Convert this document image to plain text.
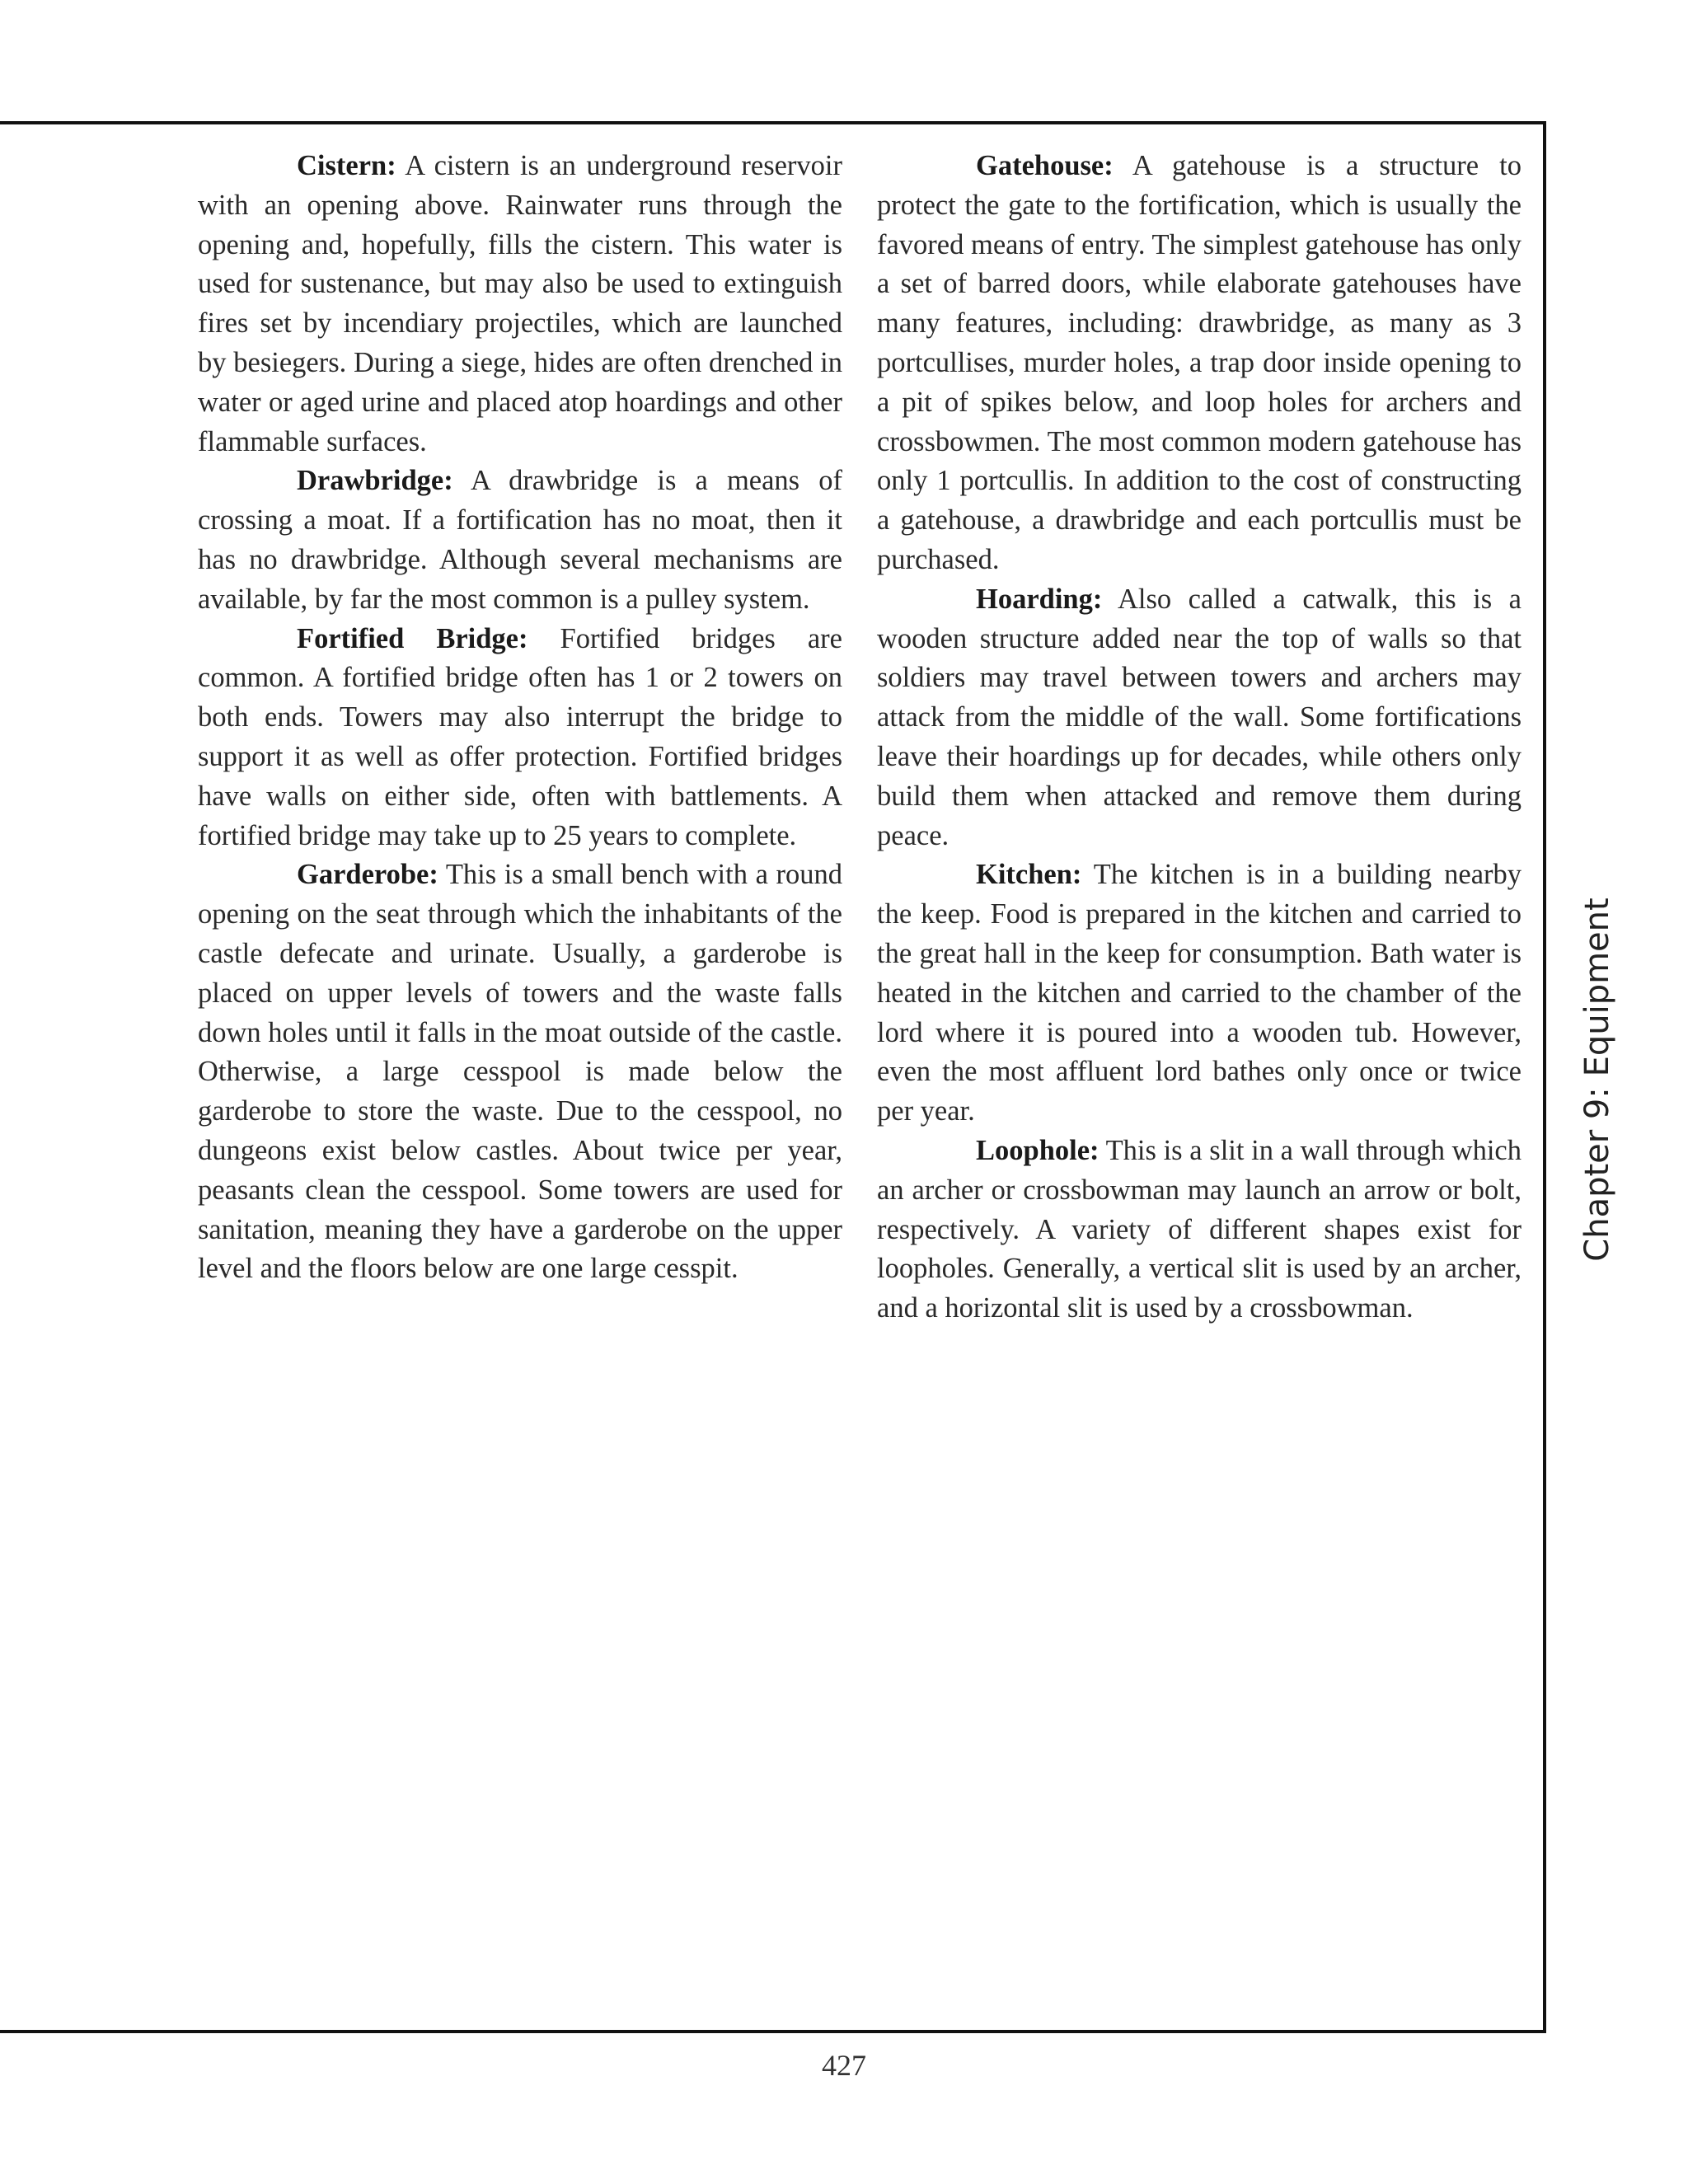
Cistern: A cistern is an underground reservoir with an opening above. Rainwater runs through the opening and, hopefully, fills the cistern. This water is used for sustenance, but may also be used to extinguish fires set by incendiary projectiles, which are launched by besiegers. During a siege, hides are often drenched in water or aged urine and placed atop hoardings and other flammable surfaces.

Drawbridge: A drawbridge is a means of crossing a moat. If a fortification has no moat, then it has no drawbridge. Although several mechanisms are available, by far the most common is a pulley system.

Fortified Bridge: Fortified bridges are common. A fortified bridge often has 1 or 2 towers on both ends. Towers may also interrupt the bridge to support it as well as offer protection. Fortified bridges have walls on either side, often with battlements. A fortified bridge may take up to 25 years to complete.

Garderobe: This is a small bench with a round opening on the seat through which the inhabitants of the castle defecate and urinate. Usually, a garderobe is placed on upper levels of towers and the waste falls down holes until it falls in the moat outside of the castle. Otherwise, a large cesspool is made below the garderobe to store the waste. Due to the cesspool, no dungeons exist below castles. About twice per year, peasants clean the cesspool. Some towers are used for sanitation, meaning they have a garderobe on the upper level and the floors below are one large cesspit.

Gatehouse: A gatehouse is a structure to protect the gate to the fortification, which is usually the favored means of entry. The simplest gatehouse has only a set of barred doors, while elaborate gatehouses have many features, including: drawbridge, as many as 3 portcullises, murder holes, a trap door inside opening to a pit of spikes below, and loop holes for archers and crossbowmen. The most common modern gatehouse has only 1 portcullis. In addition to the cost of constructing a gatehouse, a drawbridge and each portcullis must be purchased.

Hoarding: Also called a catwalk, this is a wooden structure added near the top of walls so that soldiers may travel between towers and archers may attack from the middle of the wall. Some fortifications leave their hoardings up for decades, while others only build them when attacked and remove them during peace.

Kitchen: The kitchen is in a building nearby the keep. Food is prepared in the kitchen and carried to the great hall in the keep for consumption. Bath water is heated in the kitchen and carried to the chamber of the lord where it is poured into a wooden tub. However, even the most affluent lord bathes only once or twice per year.

Loophole: This is a slit in a wall through which an archer or crossbowman may launch an arrow or bolt, respectively. A variety of different shapes exist for loopholes. Generally, a vertical slit is used by an archer, and a horizontal slit is used by a crossbowman.

Chapter 9: Equipment
427
